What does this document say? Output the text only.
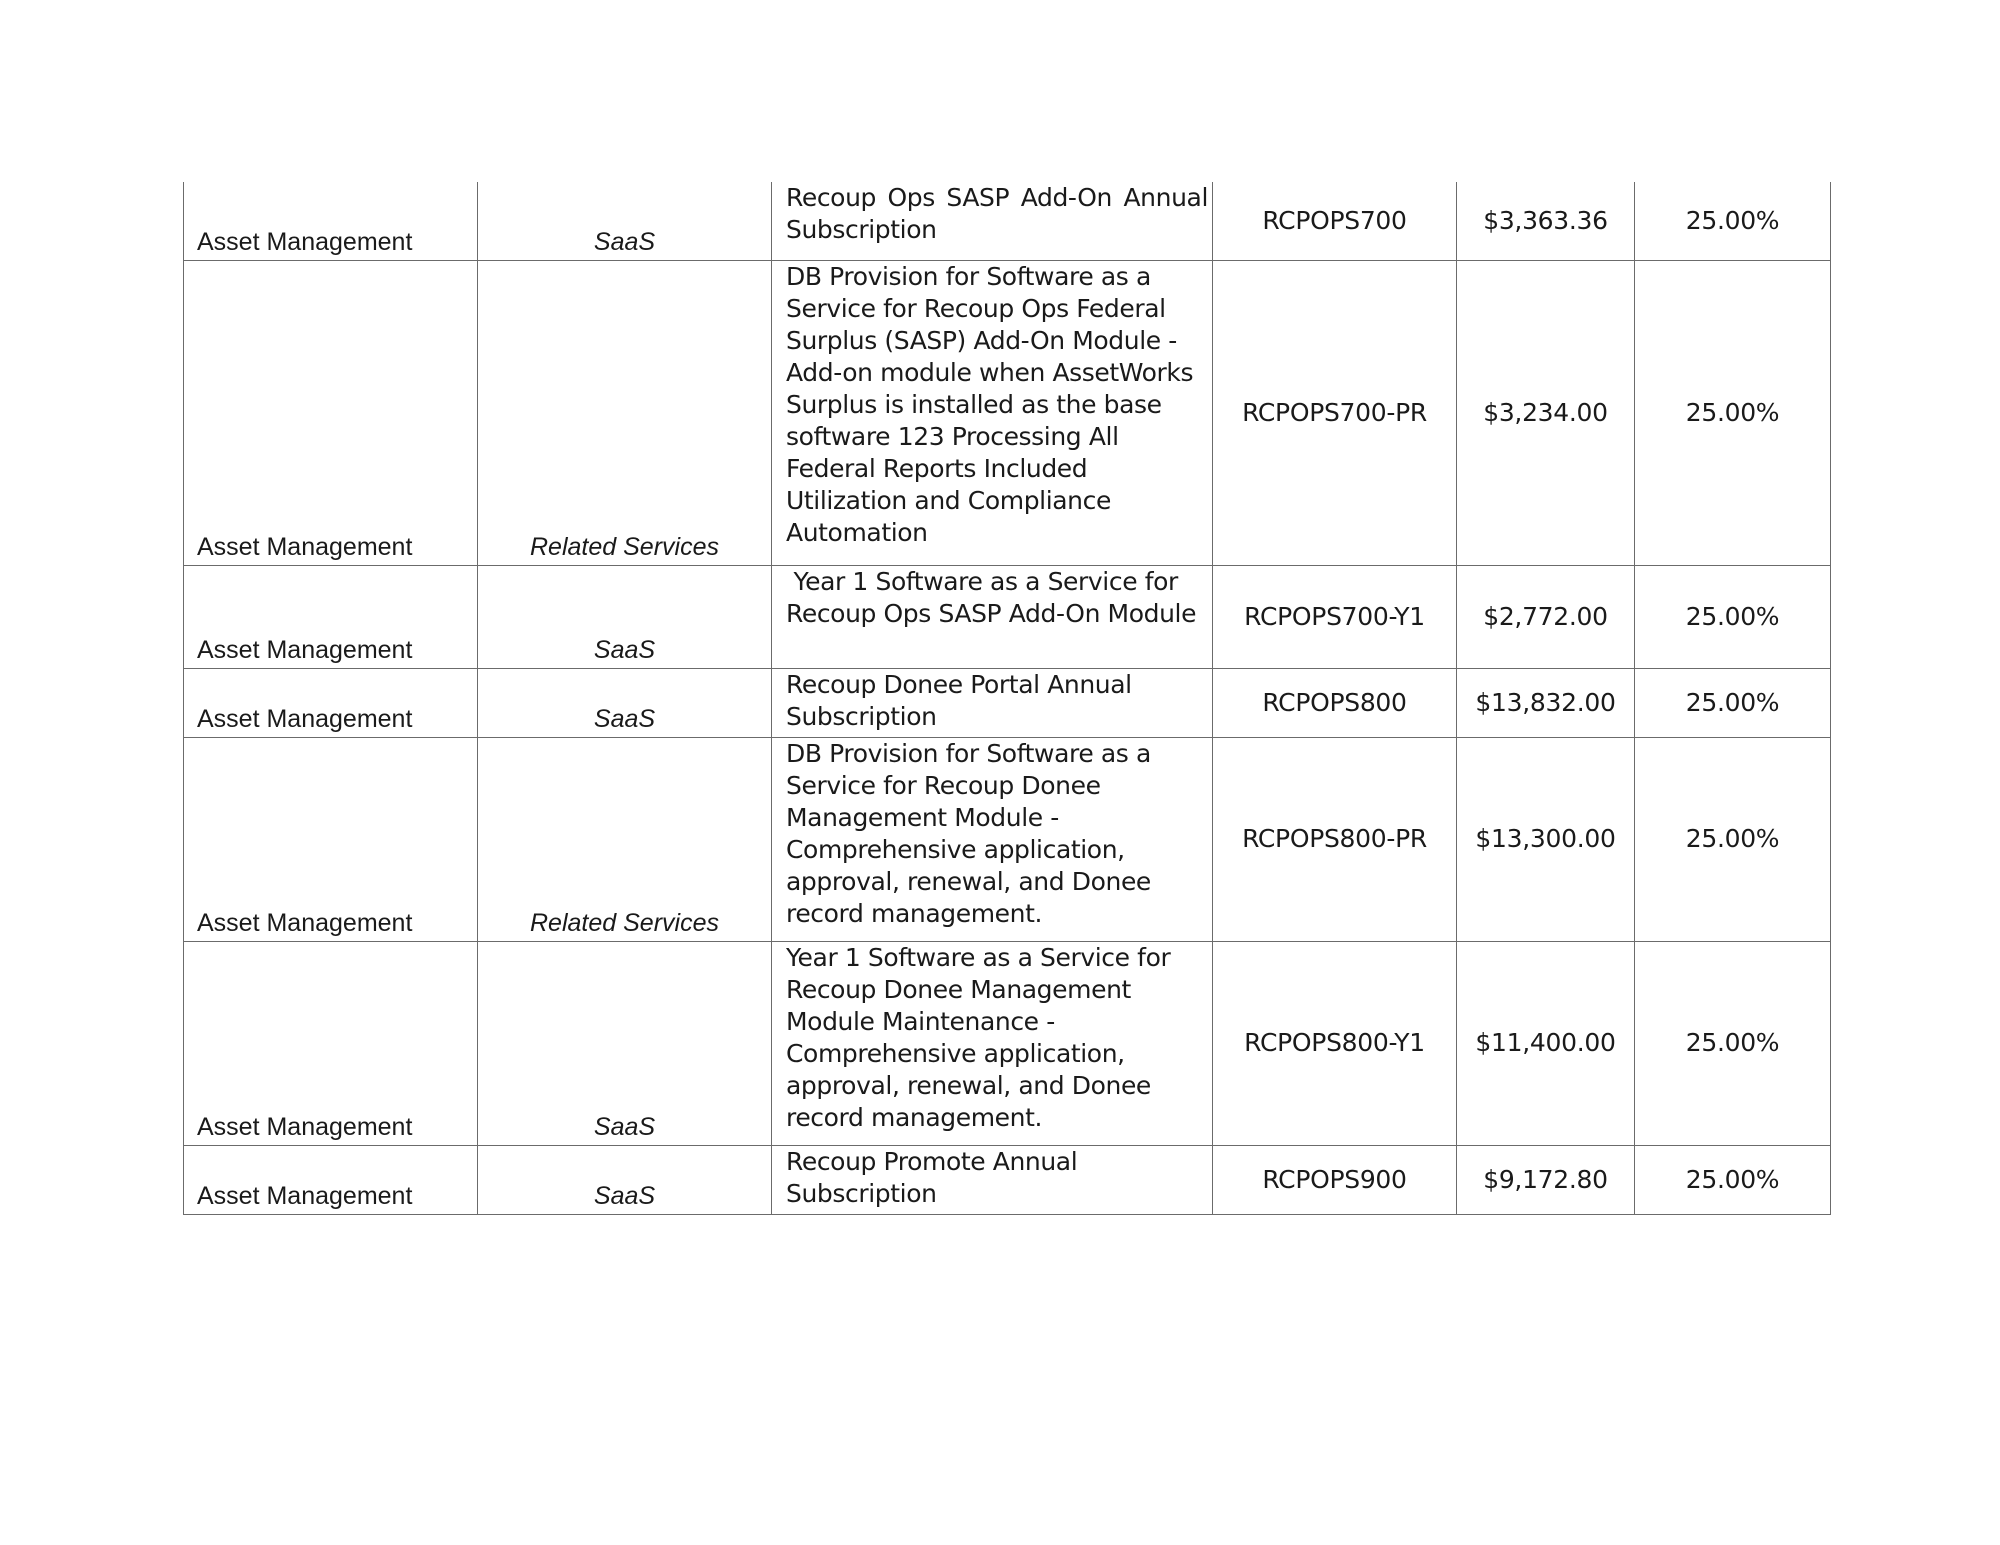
Asset Management	SaaS	Recoup Ops SASP Add-On Annual Subscription	RCPOPS700	$3,363.36	25.00%
Asset Management	Related Services	DB Provision for Software as a Service for Recoup Ops Federal Surplus (SASP) Add-On Module - Add-on module when AssetWorks Surplus is installed as the base software 123 Processing All Federal Reports Included Utilization and Compliance Automation	RCPOPS700-PR	$3,234.00	25.00%
Asset Management	SaaS	Year 1 Software as a Service for Recoup Ops SASP Add-On Module	RCPOPS700-Y1	$2,772.00	25.00%
Asset Management	SaaS	Recoup Donee Portal Annual Subscription	RCPOPS800	$13,832.00	25.00%
Asset Management	Related Services	DB Provision for Software as a Service for Recoup Donee Management Module - Comprehensive application, approval, renewal, and Donee record management.	RCPOPS800-PR	$13,300.00	25.00%
Asset Management	SaaS	Year 1 Software as a Service for Recoup Donee Management Module Maintenance - Comprehensive application, approval, renewal, and Donee record management.	RCPOPS800-Y1	$11,400.00	25.00%
Asset Management	SaaS	Recoup Promote Annual Subscription	RCPOPS900	$9,172.80	25.00%
